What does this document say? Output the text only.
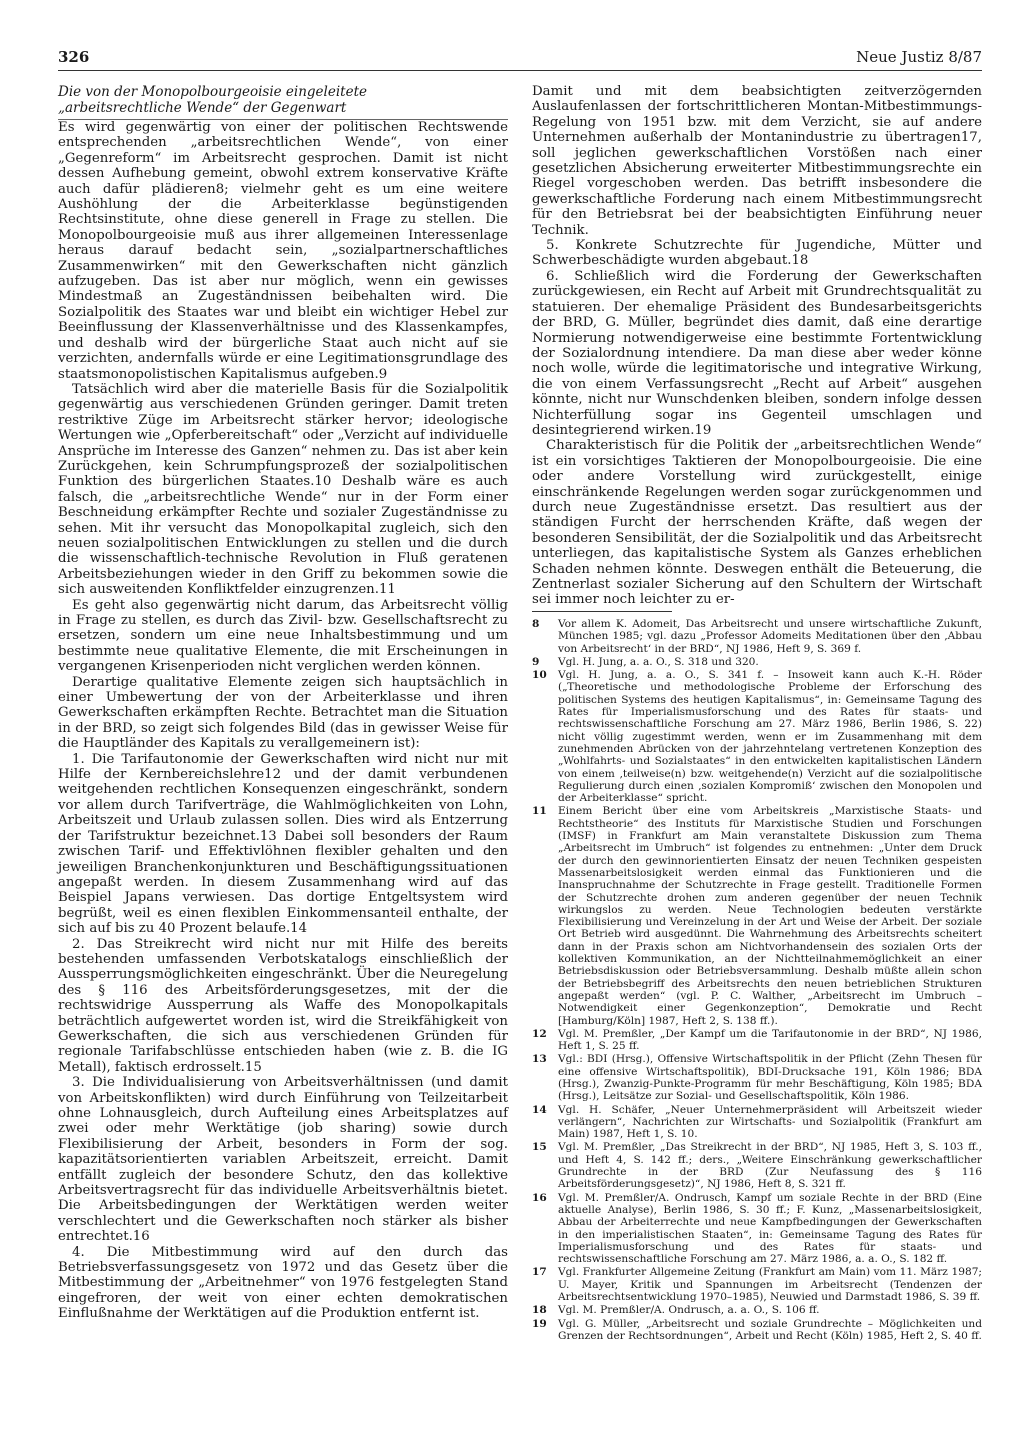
326	Neue Justiz 8/87

Die von der Monopolbourgeoisie eingeleitete
„arbeitsrechtliche Wende“ der Gegenwart

Es wird gegenwärtig von einer der politischen Rechtswende entsprechenden „arbeitsrechtlichen Wende“, von einer „Gegenreform“ im Arbeitsrecht gesprochen. Damit ist nicht dessen Aufhebung gemeint, obwohl extrem konservative Kräfte auch dafür plädieren8; vielmehr geht es um eine weitere Aushöhlung der die Arbeiterklasse begünstigenden Rechtsinstitute, ohne diese generell in Frage zu stellen. Die Monopolbourgeoisie muß aus ihrer allgemeinen Interessenlage heraus darauf bedacht sein, „sozialpartnerschaftliches Zusammenwirken“ mit den Gewerkschaften nicht gänzlich aufzugeben. Das ist aber nur möglich, wenn ein gewisses Mindestmaß an Zugeständnissen beibehalten wird. Die Sozialpolitik des Staates war und bleibt ein wichtiger Hebel zur Beeinflussung der Klassenverhältnisse und des Klassenkampfes, und deshalb wird der bürgerliche Staat auch nicht auf sie verzichten, andernfalls würde er eine Legitimationsgrundlage des staatsmonopolistischen Kapitalismus aufgeben.9

Tatsächlich wird aber die materielle Basis für die Sozialpolitik gegenwärtig aus verschiedenen Gründen geringer. Damit treten restriktive Züge im Arbeitsrecht stärker hervor; ideologische Wertungen wie „Opferbereitschaft“ oder „Verzicht auf individuelle Ansprüche im Interesse des Ganzen“ nehmen zu. Das ist aber kein Zurückgehen, kein Schrumpfungsprozeß der sozialpolitischen Funktion des bürgerlichen Staates.10 Deshalb wäre es auch falsch, die „arbeitsrechtliche Wende“ nur in der Form einer Beschneidung erkämpfter Rechte und sozialer Zugeständnisse zu sehen. Mit ihr versucht das Monopolkapital zugleich, sich den neuen sozialpolitischen Entwicklungen zu stellen und die durch die wissenschaftlich-technische Revolution in Fluß geratenen Arbeitsbeziehungen wieder in den Griff zu bekommen sowie die sich ausweitenden Konfliktfelder einzugrenzen.11

Es geht also gegenwärtig nicht darum, das Arbeitsrecht völlig in Frage zu stellen, es durch das Zivil- bzw. Gesellschaftsrecht zu ersetzen, sondern um eine neue Inhaltsbestimmung und um bestimmte neue qualitative Elemente, die mit Erscheinungen in vergangenen Krisenperioden nicht verglichen werden können.

Derartige qualitative Elemente zeigen sich hauptsächlich in einer Umbewertung der von der Arbeiterklasse und ihren Gewerkschaften erkämpften Rechte. Betrachtet man die Situation in der BRD, so zeigt sich folgendes Bild (das in gewisser Weise für die Hauptländer des Kapitals zu verallgemeinern ist):

1. Die Tarifautonomie der Gewerkschaften wird nicht nur mit Hilfe der Kernbereichslehre12 und der damit verbundenen weitgehenden rechtlichen Konsequenzen eingeschränkt, sondern vor allem durch Tarifverträge, die Wahlmöglichkeiten von Lohn, Arbeitszeit und Urlaub zulassen sollen. Dies wird als Entzerrung der Tarifstruktur bezeichnet.13 Dabei soll besonders der Raum zwischen Tarif- und Effektivlöhnen flexibler gehalten und den jeweiligen Branchenkonjunkturen und Beschäftigungssituationen angepaßt werden. In diesem Zusammenhang wird auf das Beispiel Japans verwiesen. Das dortige Entgeltsystem wird begrüßt, weil es einen flexiblen Einkommensanteil enthalte, der sich auf bis zu 40 Prozent belaufe.14

2. Das Streikrecht wird nicht nur mit Hilfe des bereits bestehenden umfassenden Verbotskatalogs einschließlich der Aussperrungsmöglichkeiten eingeschränkt. Über die Neuregelung des § 116 des Arbeitsförderungsgesetzes, mit der die rechtswidrige Aussperrung als Waffe des Monopolkapitals beträchtlich aufgewertet worden ist, wird die Streikfähigkeit von Gewerkschaften, die sich aus verschiedenen Gründen für regionale Tarifabschlüsse entschieden haben (wie z. B. die IG Metall), faktisch erdrosselt.15

3. Die Individualisierung von Arbeitsverhältnissen (und damit von Arbeitskonflikten) wird durch Einführung von Teilzeitarbeit ohne Lohnausgleich, durch Aufteilung eines Arbeitsplatzes auf zwei oder mehr Werktätige (job sharing) sowie durch Flexibilisierung der Arbeit, besonders in Form der sog. kapazitätsorientierten variablen Arbeitszeit, erreicht. Damit entfällt zugleich der besondere Schutz, den das kollektive Arbeitsvertragsrecht für das individuelle Arbeitsverhältnis bietet. Die Arbeitsbedingungen der Werktätigen werden weiter verschlechtert und die Gewerkschaften noch stärker als bisher entrechtet.16

4. Die Mitbestimmung wird auf den durch das Betriebsverfassungsgesetz von 1972 und das Gesetz über die Mitbestimmung der „Arbeitnehmer“ von 1976 festgelegten Stand eingefroren, der weit von einer echten demokratischen Einflußnahme der Werktätigen auf die Produktion entfernt ist.

Damit und mit dem beabsichtigten zeitverzögernden Auslaufenlassen der fortschrittlicheren Montan-Mitbestimmungs-Regelung von 1951 bzw. mit dem Verzicht, sie auf andere Unternehmen außerhalb der Montanindustrie zu übertragen17, soll jeglichen gewerkschaftlichen Vorstößen nach einer gesetzlichen Absicherung erweiterter Mitbestimmungsrechte ein Riegel vorgeschoben werden. Das betrifft insbesondere die gewerkschaftliche Forderung nach einem Mitbestimmungsrecht für den Betriebsrat bei der beabsichtigten Einführung neuer Technik.

5. Konkrete Schutzrechte für Jugendiche, Mütter und Schwerbeschädigte wurden abgebaut.18

6. Schließlich wird die Forderung der Gewerkschaften zurückgewiesen, ein Recht auf Arbeit mit Grundrechtsqualität zu statuieren. Der ehemalige Präsident des Bundesarbeitsgerichts der BRD, G. Müller, begründet dies damit, daß eine derartige Normierung notwendigerweise eine bestimmte Fortentwicklung der Sozialordnung intendiere. Da man diese aber weder könne noch wolle, würde die legitimatorische und integrative Wirkung, die von einem Verfassungsrecht „Recht auf Arbeit“ ausgehen könnte, nicht nur Wunschdenken bleiben, sondern infolge dessen Nichterfüllung sogar ins Gegenteil umschlagen und desintegrierend wirken.19

Charakteristisch für die Politik der „arbeitsrechtlichen Wende“ ist ein vorsichtiges Taktieren der Monopolbourgeoisie. Die eine oder andere Vorstellung wird zurückgestellt, einige einschränkende Regelungen werden sogar zurückgenommen und durch neue Zugeständnisse ersetzt. Das resultiert aus der ständigen Furcht der herrschenden Kräfte, daß wegen der besonderen Sensibilität, der die Sozialpolitik und das Arbeitsrecht unterliegen, das kapitalistische System als Ganzes erheblichen Schaden nehmen könnte. Deswegen enthält die Beteuerung, die Zentnerlast sozialer Sicherung auf den Schultern der Wirtschaft sei immer noch leichter zu er-

8	Vor allem K. Adomeit, Das Arbeitsrecht und unsere wirtschaftliche Zukunft, München 1985; vgl. dazu „Professor Adomeits Meditationen über den ‚Abbau von Arbeitsrecht‘ in der BRD“, NJ 1986, Heft 9, S. 369 f.
9	Vgl. H. Jung, a. a. O., S. 318 und 320.
10	Vgl. H. Jung, a. a. O., S. 341 f. – Insoweit kann auch K.-H. Röder („Theoretische und methodologische Probleme der Erforschung des politischen Systems des heutigen Kapitalismus“, in: Gemeinsame Tagung des Rates für Imperialismusforschung und des Rates für staats- und rechtswissenschaftliche Forschung am 27. März 1986, Berlin 1986, S. 22) nicht völlig zugestimmt werden, wenn er im Zusammenhang mit dem zunehmenden Abrücken von der jahrzehntelang vertretenen Konzeption des „Wohlfahrts- und Sozialstaates“ in den entwickelten kapitalistischen Ländern von einem ‚teilweise(n) bzw. weitgehende(n) Verzicht auf die sozialpolitische Regulierung durch einen ‚sozialen Kompromiß‘ zwischen den Monopolen und der Arbeiterklasse“ spricht.
11	Einem Bericht über eine vom Arbeitskreis „Marxistische Staats- und Rechtstheorie“ des Instituts für Marxistische Studien und Forschungen (IMSF) in Frankfurt am Main veranstaltete Diskussion zum Thema „Arbeitsrecht im Umbruch“ ist folgendes zu entnehmen: „Unter dem Druck der durch den gewinnorientierten Einsatz der neuen Techniken gespeisten Massenarbeitslosigkeit werden einmal das Funktionieren und die Inanspruchnahme der Schutzrechte in Frage gestellt. Traditionelle Formen der Schutzrechte drohen zum anderen gegenüber der neuen Technik wirkungslos zu werden. Neue Technologien bedeuten verstärkte Flexibilisierung und Vereinzelung in der Art und Weise der Arbeit. Der soziale Ort Betrieb wird ausgedünnt. Die Wahrnehmung des Arbeitsrechts scheitert dann in der Praxis schon am Nichtvorhandensein des sozialen Orts der kollektiven Kommunikation, an der Nichtteilnahmemöglichkeit an einer Betriebsdiskussion oder Betriebsversammlung. Deshalb müßte allein schon der Betriebsbegriff des Arbeitsrechts den neuen betrieblichen Strukturen angepaßt werden“ (vgl. P. C. Walther, „Arbeitsrecht im Umbruch – Notwendigkeit einer Gegenkonzeption“, Demokratie und Recht [Hamburg/Köln] 1987, Heft 2, S. 138 ff.).
12	Vgl. M. Premßler, „Der Kampf um die Tarifautonomie in der BRD“, NJ 1986, Heft 1, S. 25 ff.
13	Vgl.: BDI (Hrsg.), Offensive Wirtschaftspolitik in der Pflicht (Zehn Thesen für eine offensive Wirtschaftspolitik), BDI-Drucksache 191, Köln 1986; BDA (Hrsg.), Zwanzig-Punkte-Programm für mehr Beschäftigung, Köln 1985; BDA (Hrsg.), Leitsätze zur Sozial- und Gesellschaftspolitik, Köln 1986.
14	Vgl. H. Schäfer, „Neuer Unternehmerpräsident will Arbeitszeit wieder verlängern“, Nachrichten zur Wirtschafts- und Sozialpolitik (Frankfurt am Main) 1987, Heft 1, S. 10.
15	Vgl. M. Premßler, „Das Streikrecht in der BRD“, NJ 1985, Heft 3, S. 103 ff., und Heft 4, S. 142 ff.; ders., „Weitere Einschränkung gewerkschaftlicher Grundrechte in der BRD (Zur Neufassung des § 116 Arbeitsförderungsgesetz)“, NJ 1986, Heft 8, S. 321 ff.
16	Vgl. M. Premßler/A. Ondrusch, Kampf um soziale Rechte in der BRD (Eine aktuelle Analyse), Berlin 1986, S. 30 ff.; F. Kunz, „Massenarbeitslosigkeit, Abbau der Arbeiterrechte und neue Kampfbedingungen der Gewerkschaften in den imperialistischen Staaten“, in: Gemeinsame Tagung des Rates für Imperialismusforschung und des Rates für staats- und rechtswissenschaftliche Forschung am 27. März 1986, a. a. O., S. 182 ff.
17	Vgl. Frankfurter Allgemeine Zeitung (Frankfurt am Main) vom 11. März 1987; U. Mayer, Kritik und Spannungen im Arbeitsrecht (Tendenzen der Arbeitsrechtsentwicklung 1970–1985), Neuwied und Darmstadt 1986, S. 39 ff.
18	Vgl. M. Premßler/A. Ondrusch, a. a. O., S. 106 ff.
19	Vgl. G. Müller, „Arbeitsrecht und soziale Grundrechte – Möglichkeiten und Grenzen der Rechtsordnungen“, Arbeit und Recht (Köln) 1985, Heft 2, S. 40 ff.
